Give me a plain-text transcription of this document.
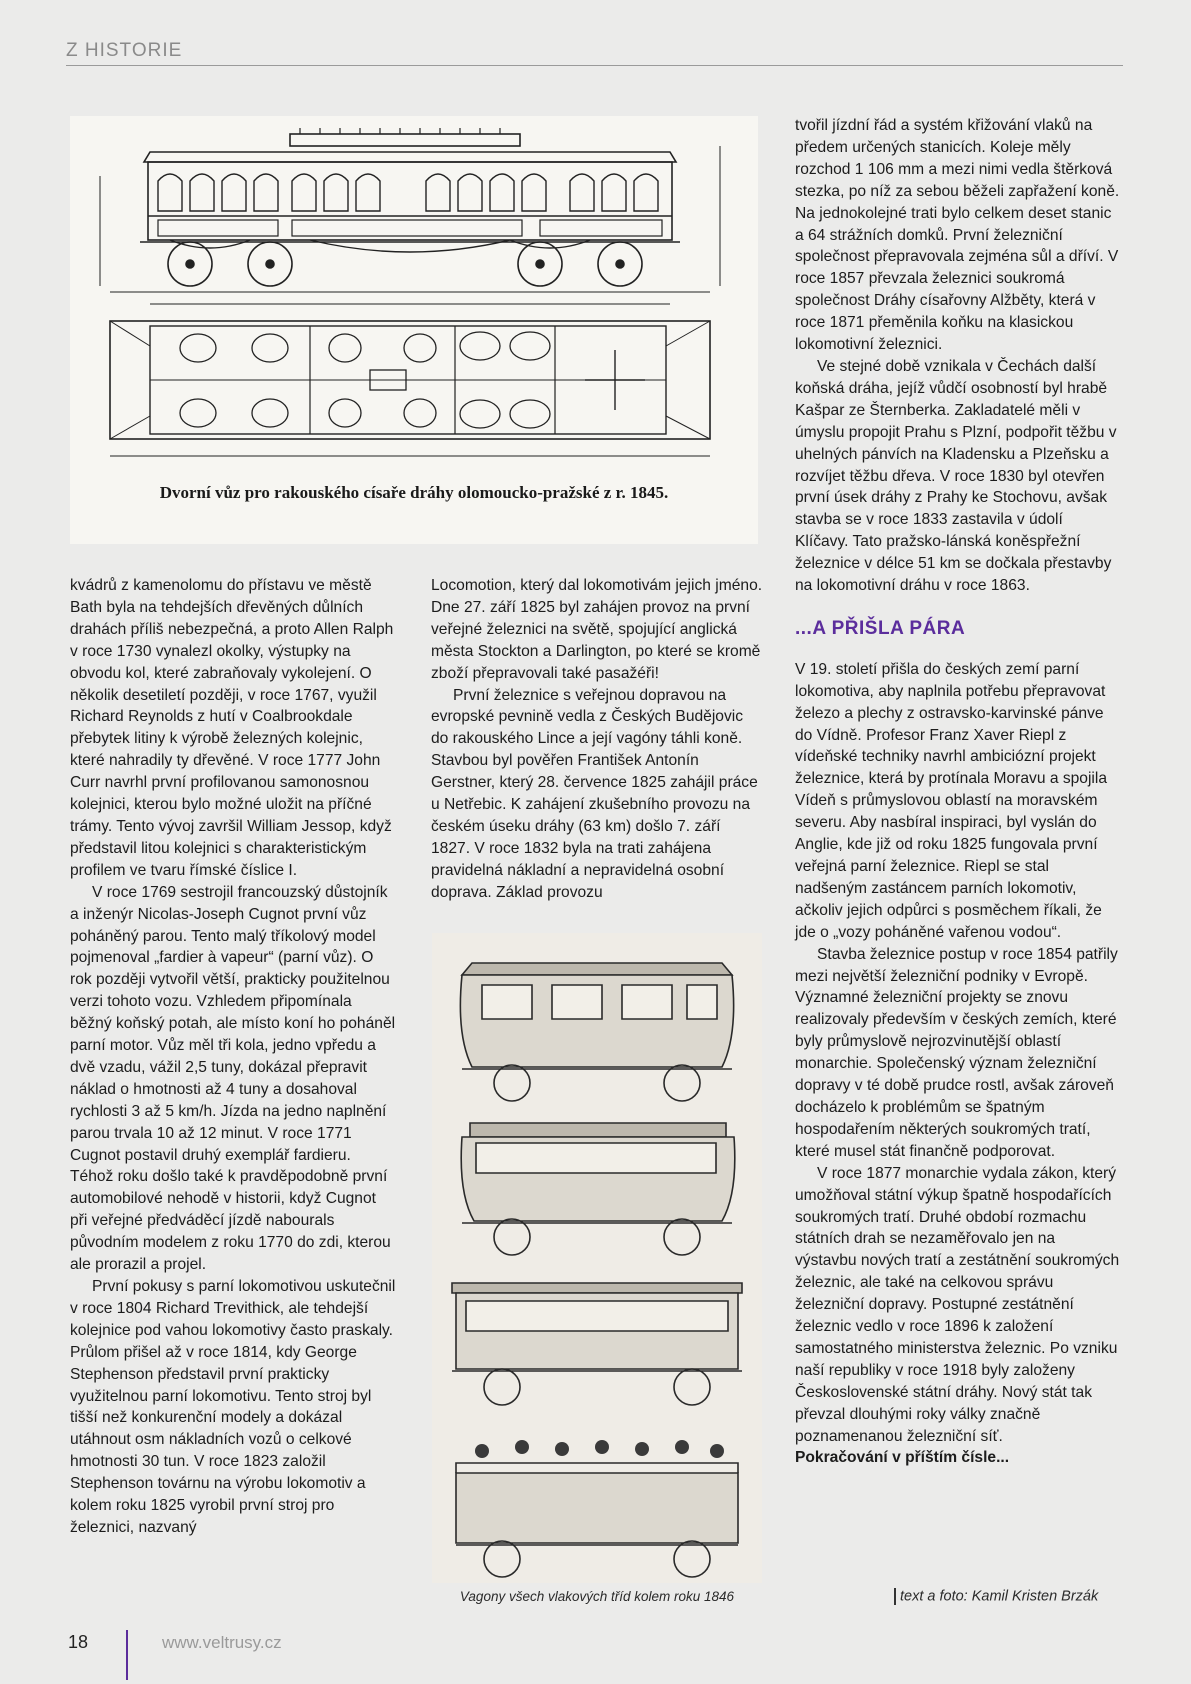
Z HISTORIE
Dvorní vůz pro rakouského císaře dráhy olomoucko-pražské z r. 1845.

kvádrů z kamenolomu do přístavu ve městě Bath byla na tehdejších dřevěných důlních drahách příliš nebezpečná, a proto Allen Ralph v roce 1730 vynalezl okolky, výstupky na obvodu kol, které zabraňovaly vykolejení. O několik desetiletí později, v roce 1767, využil Richard Reynolds z hutí v Coalbrookdale přebytek litiny k výrobě železných kolejnic, které nahradily ty dřevěné. V roce 1777 John Curr navrhl první profilovanou samonosnou kolejnici, kterou bylo možné uložit na příčné trámy. Tento vývoj završil William Jessop, když představil litou kolejnici s charakteristickým profilem ve tvaru římské číslice I.

V roce 1769 sestrojil francouzský důstojník a inženýr Nicolas-Joseph Cugnot první vůz poháněný parou. Tento malý tříkolový model pojmenoval „fardier à vapeur“ (parní vůz). O rok později vytvořil větší, prakticky použitelnou verzi tohoto vozu. Vzhledem připomínala běžný koňský potah, ale místo koní ho poháněl parní motor. Vůz měl tři kola, jedno vpředu a dvě vzadu, vážil 2,5 tuny, dokázal přepravit náklad o hmotnosti až 4 tuny a dosahoval rychlosti 3 až 5 km/h. Jízda na jedno naplnění parou trvala 10 až 12 minut. V roce 1771 Cugnot postavil druhý exemplář fardieru. Téhož roku došlo také k pravděpodobně první automobilové nehodě v historii, když Cugnot při veřejné předváděcí jízdě nabourals původním modelem z roku 1770 do zdi, kterou ale prorazil a projel.

První pokusy s parní lokomotivou uskutečnil v roce 1804 Richard Trevithick, ale tehdejší kolejnice pod vahou lokomotivy často praskaly. Průlom přišel až v roce 1814, kdy George Stephenson představil první prakticky využitelnou parní lokomotivu. Tento stroj byl tišší než konkurenční modely a dokázal utáhnout osm nákladních vozů o celkové hmotnosti 30 tun. V roce 1823 založil Stephenson továrnu na výrobu lokomotiv a kolem roku 1825 vyrobil první stroj pro železnici, nazvaný

Locomotion, který dal lokomotivám jejich jméno. Dne 27. září 1825 byl zahájen provoz na první veřejné železnici na světě, spojující anglická města Stockton a Darlington, po které se kromě zboží přepravovali také pasažéři!

První železnice s veřejnou dopravou na evropské pevnině vedla z Českých Budějovic do rakouského Lince a její vagóny táhli koně. Stavbou byl pověřen František Antonín Gerstner, který 28. července 1825 zahájil práce u Netřebic. K zahájení zkušebního provozu na českém úseku dráhy (63 km) došlo 7. září 1827. V roce 1832 byla na trati zahájena pravidelná nákladní a nepravidelná osobní doprava. Základ provozu

Vagony všech vlakových tříd kolem roku 1846

tvořil jízdní řád a systém křižování vlaků na předem určených stanicích. Koleje měly rozchod 1 106 mm a mezi nimi vedla štěrková stezka, po níž za sebou běželi zapřažení koně. Na jednokolejné trati bylo celkem deset stanic a 64 strážních domků. První železniční společnost přepravovala zejména sůl a dříví. V roce 1857 převzala železnici soukromá společnost Dráhy císařovny Alžběty, která v roce 1871 přeměnila koňku na klasickou lokomotivní železnici.

Ve stejné době vznikala v Čechách další koňská dráha, jejíž vůdčí osobností byl hrabě Kašpar ze Šternberka. Zakladatelé měli v úmyslu propojit Prahu s Plzní, podpořit těžbu v uhelných pánvích na Kladensku a Plzeňsku a rozvíjet těžbu dřeva. V roce 1830 byl otevřen první úsek dráhy z Prahy ke Stochovu, avšak stavba se v roce 1833 zastavila v údolí Klíčavy. Tato pražsko-lánská koněspřežní železnice v délce 51 km se dočkala přestavby na lokomotivní dráhu v roce 1863.

...A PŘIŠLA PÁRA

V 19. století přišla do českých zemí parní lokomotiva, aby naplnila potřebu přepravovat železo a plechy z ostravsko-karvinské pánve do Vídně. Profesor Franz Xaver Riepl z vídeňské techniky navrhl ambiciózní projekt železnice, která by protínala Moravu a spojila Vídeň s průmyslovou oblastí na moravském severu. Aby nasbíral inspiraci, byl vyslán do Anglie, kde již od roku 1825 fungovala první veřejná parní železnice. Riepl se stal nadšeným zastáncem parních lokomotiv, ačkoliv jejich odpůrci s posměchem říkali, že jde o „vozy poháněné vařenou vodou“.

Stavba železnice postup v roce 1854 patřily mezi největší železniční podniky v Evropě. Významné železniční projekty se znovu realizovaly především v českých zemích, které byly průmyslově nejrozvinutější oblastí monarchie. Společenský význam železniční dopravy v té době prudce rostl, avšak zároveň docházelo k problémům se špatným hospodařením některých soukromých tratí, které musel stát finančně podporovat.

V roce 1877 monarchie vydala zákon, který umožňoval státní výkup špatně hospodařících soukromých tratí. Druhé období rozmachu státních drah se nezaměřovalo jen na výstavbu nových tratí a zestátnění soukromých železnic, ale také na celkovou správu železniční dopravy. Postupné zestátnění železnic vedlo v roce 1896 k založení samostatného ministerstva železnic. Po vzniku naší republiky v roce 1918 byly založeny Československé státní dráhy. Nový stát tak převzal dlouhými roky války značně poznamenanou železniční síť.

Pokračování v příštím čísle...

text a foto: Kamil Kristen Brzák
18	www.veltrusy.cz
